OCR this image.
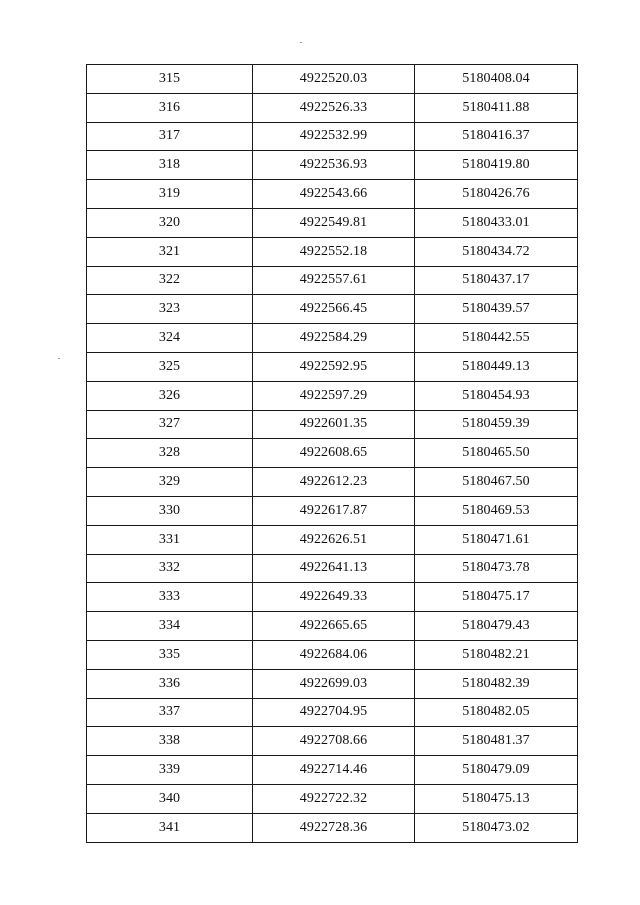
315	4922520.03	5180408.04
316	4922526.33	5180411.88
317	4922532.99	5180416.37
318	4922536.93	5180419.80
319	4922543.66	5180426.76
320	4922549.81	5180433.01
321	4922552.18	5180434.72
322	4922557.61	5180437.17
323	4922566.45	5180439.57
324	4922584.29	5180442.55
325	4922592.95	5180449.13
326	4922597.29	5180454.93
327	4922601.35	5180459.39
328	4922608.65	5180465.50
329	4922612.23	5180467.50
330	4922617.87	5180469.53
331	4922626.51	5180471.61
332	4922641.13	5180473.78
333	4922649.33	5180475.17
334	4922665.65	5180479.43
335	4922684.06	5180482.21
336	4922699.03	5180482.39
337	4922704.95	5180482.05
338	4922708.66	5180481.37
339	4922714.46	5180479.09
340	4922722.32	5180475.13
341	4922728.36	5180473.02
